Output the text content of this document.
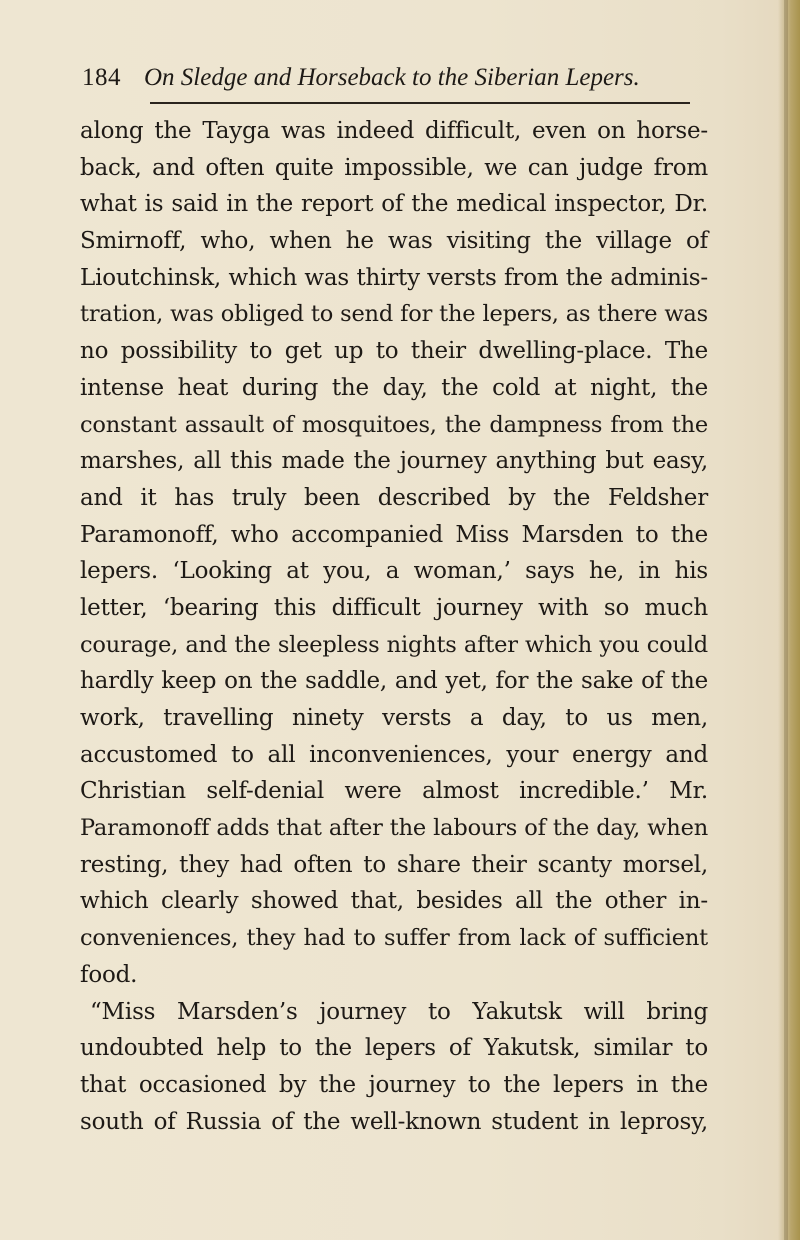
184 On Sledge and Horseback to the Siberian Lepers.
along the Tayga was indeed difficult, even on horse-
back, and often quite impossible, we can judge from
what is said in the report of the medical inspector, Dr.
Smirnoff, who, when he was visiting the village of
Lioutchinsk, which was thirty versts from the adminis-
tration, was obliged to send for the lepers, as there was
no possibility to get up to their dwelling-place. The
intense heat during the day, the cold at night, the
constant assault of mosquitoes, the dampness from the
marshes, all this made the journey anything but easy,
and it has truly been described by the Feldsher
Paramonoff, who accompanied Miss Marsden to the
lepers. ‘Looking at you, a woman,’ says he, in his
letter, ‘bearing this difficult journey with so much
courage, and the sleepless nights after which you could
hardly keep on the saddle, and yet, for the sake of the
work, travelling ninety versts a day, to us men,
accustomed to all inconveniences, your energy and
Christian self-denial were almost incredible.’ Mr.
Paramonoff adds that after the labours of the day, when
resting, they had often to share their scanty morsel,
which clearly showed that, besides all the other in-
conveniences, they had to suffer from lack of sufficient
food.
“Miss Marsden’s journey to Yakutsk will bring
undoubted help to the lepers of Yakutsk, similar to
that occasioned by the journey to the lepers in the
south of Russia of the well-known student in leprosy,
